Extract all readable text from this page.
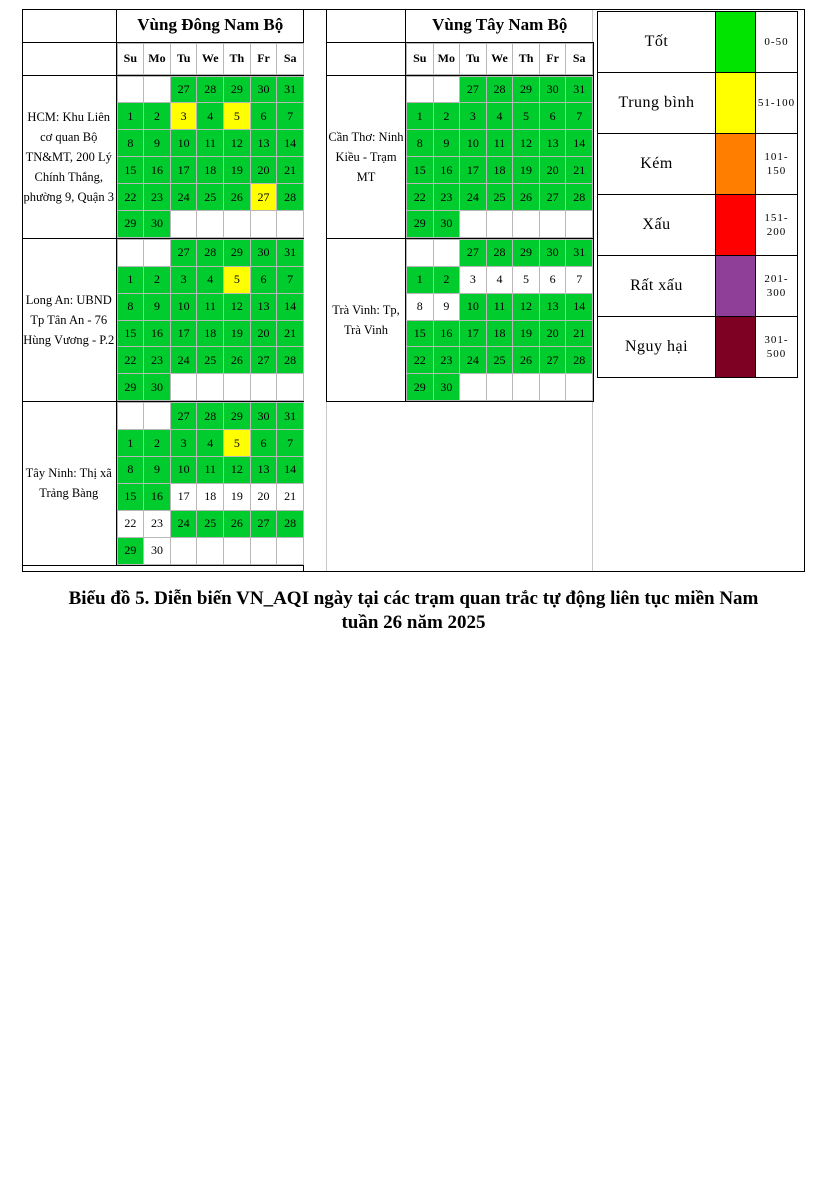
	Vùng Đông Nam Bộ

Su	Mo	Tu	We	Th	Fr	Sa

HCM: Khu Liên cơ quan Bộ TN&MT, 200 Lý Chính Thắng, phường 9, Quận 3	
		27	28	29	30	31
1	2	3	4	5	6	7
8	9	10	11	12	13	14
15	16	17	18	19	20	21
22	23	24	25	26	27	28
29	30					

Long An: UBND Tp Tân An - 76 Hùng Vương - P.2	
		27	28	29	30	31
1	2	3	4	5	6	7
8	9	10	11	12	13	14
15	16	17	18	19	20	21
22	23	24	25	26	27	28
29	30					

Tây Ninh: Thị xã Trảng Bàng	
		27	28	29	30	31
1	2	3	4	5	6	7
8	9	10	11	12	13	14
15	16	17	18	19	20	21
22	23	24	25	26	27	28
29	30					
	Vùng Tây Nam Bộ

Su	Mo	Tu	We	Th	Fr	Sa

Cần Thơ: Ninh Kiều - Trạm MT	
		27	28	29	30	31
1	2	3	4	5	6	7
8	9	10	11	12	13	14
15	16	17	18	19	20	21
22	23	24	25	26	27	28
29	30					

Trà Vinh: Tp, Trà Vinh	
		27	28	29	30	31
1	2	3	4	5	6	7
8	9	10	11	12	13	14
15	16	17	18	19	20	21
22	23	24	25	26	27	28
29	30					
Tốt		0-50
Trung bình		51-100
Kém		101-150
Xấu		151-200
Rất xấu		201-300
Nguy hại		301-500
Biểu đồ 5. Diễn biến VN_AQI ngày tại các trạm quan trắc tự động liên tục miền Nam
tuần 26 năm 2025
